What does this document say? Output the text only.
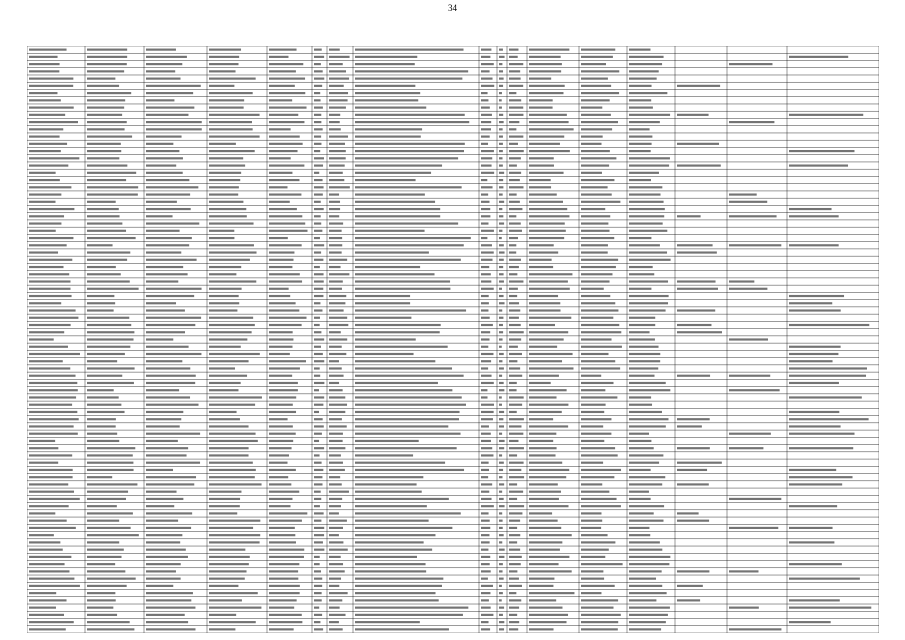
34
